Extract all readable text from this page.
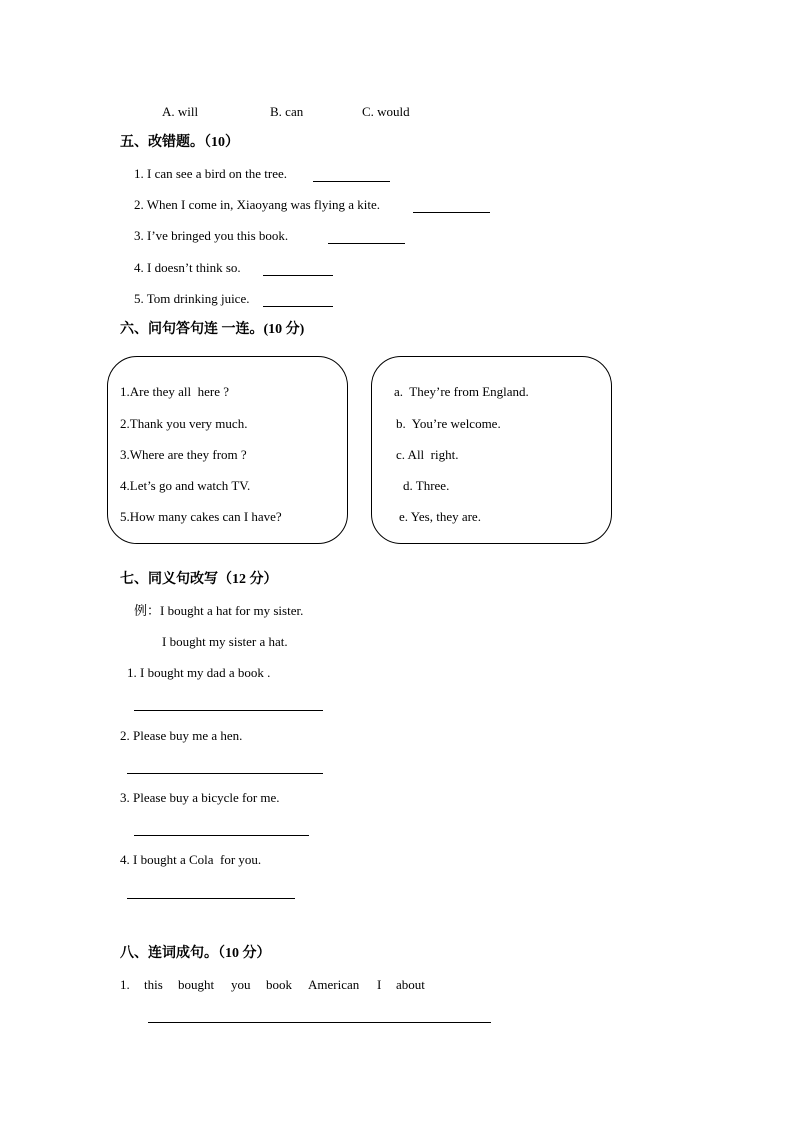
A. will	B. can	C. would
五、改错题。（10）
1. I can see a bird on the tree.
2. When I come in, Xiaoyang was flying a kite.
3. I’ve bringed you this book.
4. I doesn’t think so.
5. Tom drinking juice.
六、问句答句连 一连。(10 分)
1.Are they all  here ?
2.Thank you very much.
3.Where are they from ?
4.Let’s go and watch TV.
5.How many cakes can I have?
a.  They’re from England.
b.  You’re welcome.
c. All  right.
d. Three.
e. Yes, they are.
七、同义句改写（12 分）
例：I bought a hat for my sister.
I bought my sister a hat.
1. I bought my dad a book .
2. Please buy me a hen.
3. Please buy a bicycle for me.
4. I bought a Cola  for you.
八、连词成句。（10 分）
1. this bought you book American I about
